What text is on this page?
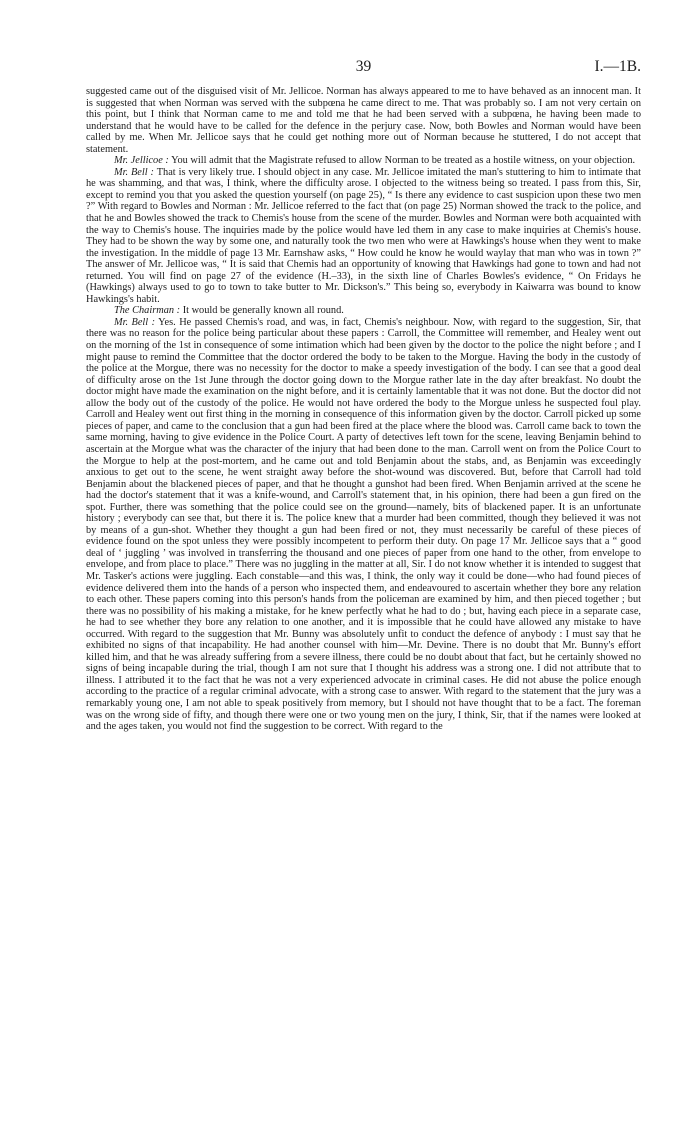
39	I.—1B.

suggested came out of the disguised visit of Mr. Jellicoe. Norman has always appeared to me to have behaved as an innocent man. It is suggested that when Norman was served with the subpœna he came direct to me. That was probably so. I am not very certain on this point, but I think that Norman came to me and told me that he had been served with a subpœna, he having been made to understand that he would have to be called for the defence in the perjury case. Now, both Bowles and Norman would have been called by me. When Mr. Jellicoe says that he could get nothing more out of Norman because he stuttered, I do not accept that statement.

Mr. Jellicoe : You will admit that the Magistrate refused to allow Norman to be treated as a hostile witness, on your objection.

Mr. Bell : That is very likely true. I should object in any case. Mr. Jellicoe imitated the man's stuttering to him to intimate that he was shamming, and that was, I think, where the difficulty arose. I objected to the witness being so treated. I pass from this, Sir, except to remind you that you asked the question yourself (on page 25), “ Is there any evidence to cast suspicion upon these two men ?” With regard to Bowles and Norman : Mr. Jellicoe referred to the fact that (on page 25) Norman showed the track to the police, and that he and Bowles showed the track to Chemis's house from the scene of the murder. Bowles and Norman were both acquainted with the way to Chemis's house. The inquiries made by the police would have led them in any case to make inquiries at Chemis's house. They had to be shown the way by some one, and naturally took the two men who were at Hawkings's house when they went to make the investigation. In the middle of page 13 Mr. Earnshaw asks, “ How could he know he would waylay that man who was in town ?” The answer of Mr. Jellicoe was, “ It is said that Chemis had an opportunity of knowing that Hawkings had gone to town and had not returned. You will find on page 27 of the evidence (H.–33), in the sixth line of Charles Bowles's evidence, “ On Fridays he (Hawkings) always used to go to town to take butter to Mr. Dickson's.” This being so, everybody in Kaiwarra was bound to know Hawkings's habit.

The Chairman : It would be generally known all round.

Mr. Bell : Yes. He passed Chemis's road, and was, in fact, Chemis's neighbour. Now, with regard to the suggestion, Sir, that there was no reason for the police being particular about these papers : Carroll, the Committee will remember, and Healey went out on the morning of the 1st in consequence of some intimation which had been given by the doctor to the police the night before ; and I might pause to remind the Committee that the doctor ordered the body to be taken to the Morgue. Having the body in the custody of the police at the Morgue, there was no necessity for the doctor to make a speedy investigation of the body. I can see that a good deal of difficulty arose on the 1st June through the doctor going down to the Morgue rather late in the day after breakfast. No doubt the doctor might have made the examination on the night before, and it is certainly lamentable that it was not done. But the doctor did not allow the body out of the custody of the police. He would not have ordered the body to the Morgue unless he suspected foul play. Carroll and Healey went out first thing in the morning in consequence of this information given by the doctor. Carroll picked up some pieces of paper, and came to the conclusion that a gun had been fired at the place where the blood was. Carroll came back to town the same morning, having to give evidence in the Police Court. A party of detectives left town for the scene, leaving Benjamin behind to ascertain at the Morgue what was the character of the injury that had been done to the man. Carroll went on from the Police Court to the Morgue to help at the post-mortem, and he came out and told Benjamin about the stabs, and, as Benjamin was exceedingly anxious to get out to the scene, he went straight away before the shot-wound was discovered. But, before that Carroll had told Benjamin about the blackened pieces of paper, and that he thought a gunshot had been fired. When Benjamin arrived at the scene he had the doctor's statement that it was a knife-wound, and Carroll's statement that, in his opinion, there had been a gun fired on the spot. Further, there was something that the police could see on the ground—namely, bits of blackened paper. It is an unfortunate history ; everybody can see that, but there it is. The police knew that a murder had been committed, though they believed it was not by means of a gun-shot. Whether they thought a gun had been fired or not, they must necessarily be careful of these pieces of evidence found on the spot unless they were possibly incompetent to perform their duty. On page 17 Mr. Jellicoe says that a “ good deal of ‘ juggling ’ was involved in transferring the thousand and one pieces of paper from one hand to the other, from envelope to envelope, and from place to place.” There was no juggling in the matter at all, Sir. I do not know whether it is intended to suggest that Mr. Tasker's actions were juggling. Each constable—and this was, I think, the only way it could be done—who had found pieces of evidence delivered them into the hands of a person who inspected them, and endeavoured to ascertain whether they bore any relation to each other. These papers coming into this person's hands from the policeman are examined by him, and then pieced together ; but there was no possibility of his making a mistake, for he knew perfectly what he had to do ; but, having each piece in a separate case, he had to see whether they bore any relation to one another, and it is impossible that he could have allowed any mistake to have occurred. With regard to the suggestion that Mr. Bunny was absolutely unfit to conduct the defence of anybody : I must say that he exhibited no signs of that incapability. He had another counsel with him—Mr. Devine. There is no doubt that Mr. Bunny's effort killed him, and that he was already suffering from a severe illness, there could be no doubt about that fact, but he certainly showed no signs of being incapable during the trial, though I am not sure that I thought his address was a strong one. I did not attribute that to illness. I attributed it to the fact that he was not a very experienced advocate in criminal cases. He did not abuse the police enough according to the practice of a regular criminal advocate, with a strong case to answer. With regard to the statement that the jury was a remarkably young one, I am not able to speak positively from memory, but I should not have thought that to be a fact. The foreman was on the wrong side of fifty, and though there were one or two young men on the jury, I think, Sir, that if the names were looked at and the ages taken, you would not find the suggestion to be correct. With regard to the
